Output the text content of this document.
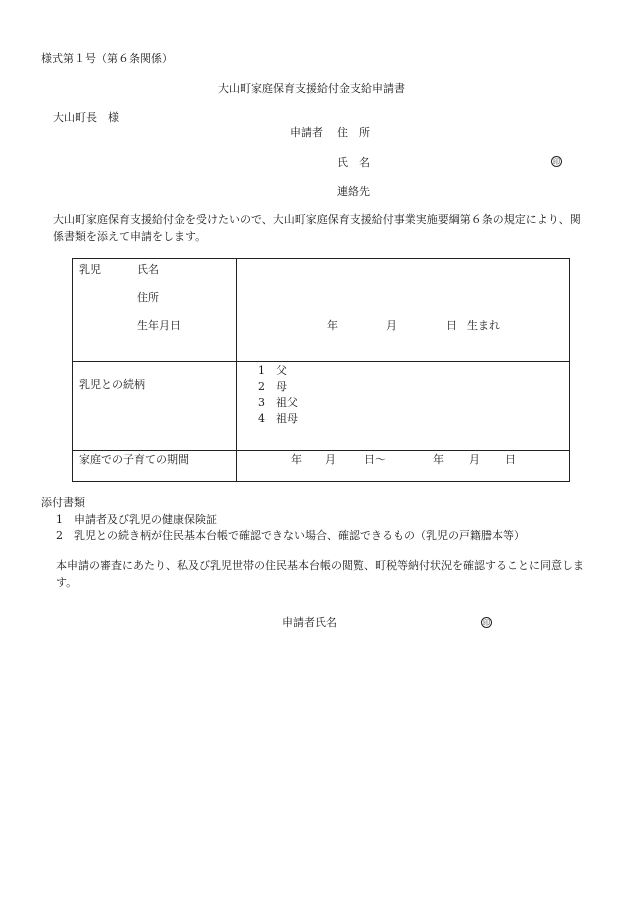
様式第１号（第６条関係）
大山町家庭保育支援給付金支給申請書
大山町長　様
申請者 住　所
氏　名	印
連絡先
大山町家庭保育支援給付金を受けたいので、大山町家庭保育支援給付事業実施要綱第６条の規定により、関係書類を添えて申請をします。
乳児	氏名
住所
生年月日	年	月	日 生まれ
乳児との続柄
1　父
2　母
3　祖父
4　祖母
家庭での子育ての期間	年 月	日～	年 月 日
添付書類
1　申請者及び乳児の健康保険証
2　乳児との続き柄が住民基本台帳で確認できない場合、確認できるもの（乳児の戸籍謄本等）
本申請の審査にあたり、私及び乳児世帯の住民基本台帳の閲覧、町税等納付状況を確認することに同意します。
申請者氏名	印
